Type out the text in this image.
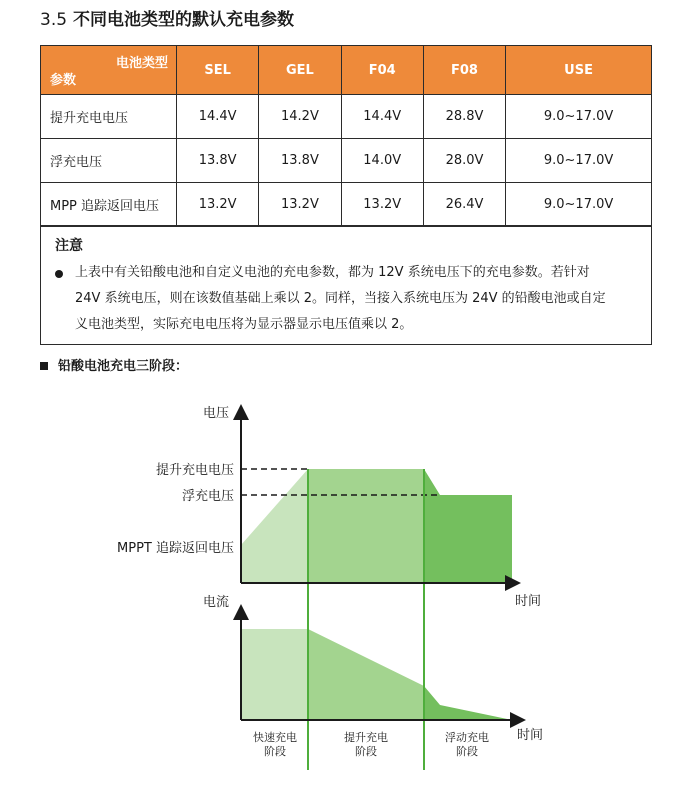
3.5 不同电池类型的默认充电参数
电池类型
参数	SEL	GEL	F04	F08	USE
提升充电电压	14.4V	14.2V	14.4V	28.8V	9.0~17.0V
浮充电压	13.8V	13.8V	14.0V	28.0V	9.0~17.0V
MPP 追踪返回电压	13.2V	13.2V	13.2V	26.4V	9.0~17.0V
注意
上表中有关铅酸电池和自定义电池的充电参数，都为 12V 系统电压下的充电参数。若针对
24V 系统电压，则在该数值基础上乘以 2。同样，当接入系统电压为 24V 的铅酸电池或自定
义电池类型，实际充电电压将为显示器显示电压值乘以 2。
铅酸电池充电三阶段：
电压
提升充电电压
浮充电压
MPPT 追踪返回电压
时间
电流
时间
快速充电
阶段
提升充电
阶段
浮动充电
阶段
